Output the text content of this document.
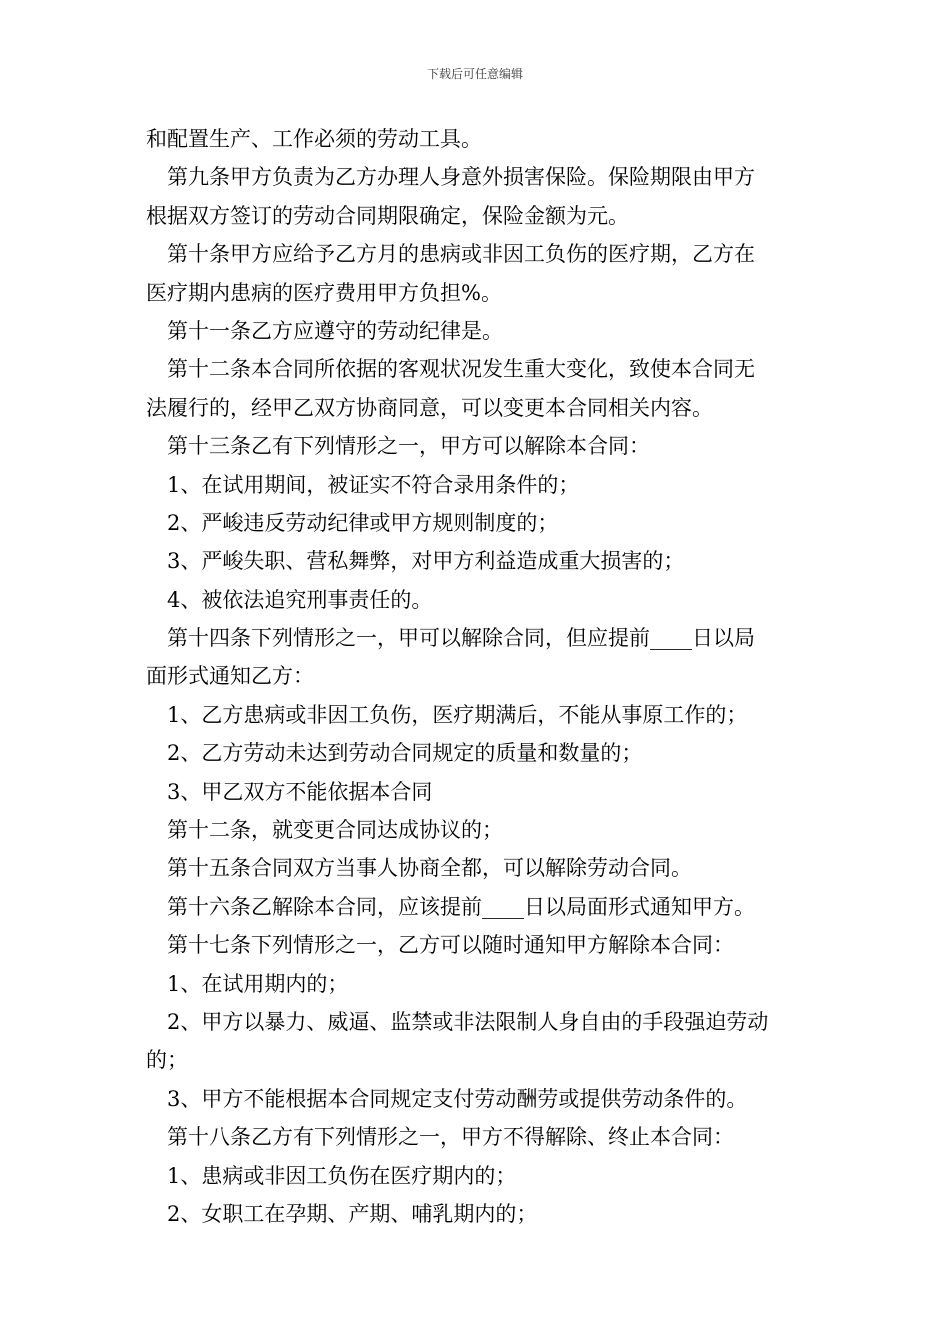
下载后可任意编辑
和配置生产、工作必须的劳动工具。
第九条甲方负责为乙方办理人身意外损害保险。保险期限由甲方
根据双方签订的劳动合同期限确定，保险金额为元。
第十条甲方应给予乙方月的患病或非因工负伤的医疗期，乙方在
医疗期内患病的医疗费用甲方负担%。
第十一条乙方应遵守的劳动纪律是。
第十二条本合同所依据的客观状况发生重大变化，致使本合同无
法履行的，经甲乙双方协商同意，可以变更本合同相关内容。
第十三条乙有下列情形之一，甲方可以解除本合同：
1、在试用期间，被证实不符合录用条件的；
2、严峻违反劳动纪律或甲方规则制度的；
3、严峻失职、营私舞弊，对甲方利益造成重大损害的；
4、被依法追究刑事责任的。
第十四条下列情形之一，甲可以解除合同，但应提前____日以局
面形式通知乙方：
1、乙方患病或非因工负伤，医疗期满后，不能从事原工作的；
2、乙方劳动未达到劳动合同规定的质量和数量的；
3、甲乙双方不能依据本合同
第十二条，就变更合同达成协议的；
第十五条合同双方当事人协商全都，可以解除劳动合同。
第十六条乙解除本合同，应该提前____日以局面形式通知甲方。
第十七条下列情形之一，乙方可以随时通知甲方解除本合同：
1、在试用期内的；
2、甲方以暴力、威逼、监禁或非法限制人身自由的手段强迫劳动
的；
3、甲方不能根据本合同规定支付劳动酬劳或提供劳动条件的。
第十八条乙方有下列情形之一，甲方不得解除、终止本合同：
1、患病或非因工负伤在医疗期内的；
2、女职工在孕期、产期、哺乳期内的；
